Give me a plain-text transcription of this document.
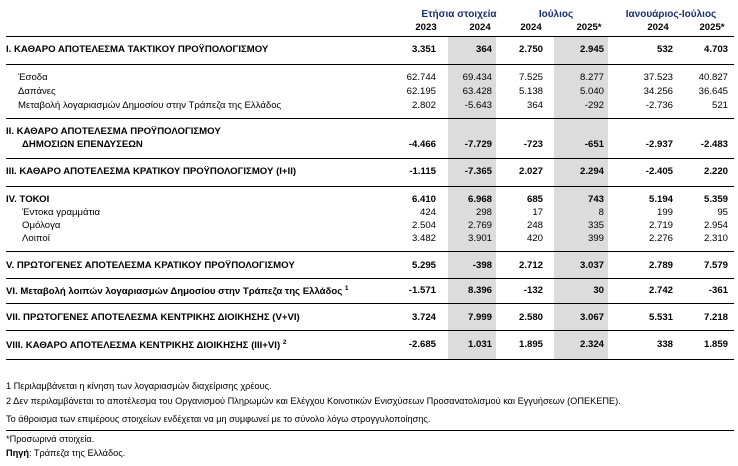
Ετήσια στοιχεία	Ιούλιος	Ιανουάριος-Ιούλιος
2023	2024	2024	2025*	2024	2025*
I. ΚΑΘΑΡΟ ΑΠΟΤΕΛΕΣΜΑ ΤΑΚΤΙΚΟΥ ΠΡΟΫΠΟΛΟΓΙΣΜΟΥ	3.351	364	2.750	2.945	532	4.703
Έσοδα	62.744	69.434	7.525	8.277	37.523	40.827
Δαπάνες	62.195	63.428	5.138	5.040	34.256	36.645
Μεταβολή λογαριασμών Δημοσίου στην Τράπεζα της Ελλάδος	2.802	-5.643	364	-292	-2.736	521
II. ΚΑΘΑΡΟ ΑΠΟΤΕΛΕΣΜΑ ΠΡΟΫΠΟΛΟΓΙΣΜΟΥ
ΔΗΜΟΣΙΩΝ ΕΠΕΝΔΥΣΕΩΝ	-4.466	-7.729	-723	-651	-2.937	-2.483
III. ΚΑΘΑΡΟ ΑΠΟΤΕΛΕΣΜΑ ΚΡΑΤΙΚΟΥ ΠΡΟΫΠΟΛΟΓΙΣΜΟΥ (I+II)	-1.115	-7.365	2.027	2.294	-2.405	2.220
IV. ΤΟΚΟΙ	6.410	6.968	685	743	5.194	5.359
Έντοκα γραμμάτια	424	298	17	8	199	95
Ομόλογα	2.504	2.769	248	335	2.719	2.954
Λοιποί	3.482	3.901	420	399	2.276	2.310
V. ΠΡΩΤΟΓΕΝΕΣ ΑΠΟΤΕΛΕΣΜΑ ΚΡΑΤΙΚΟΥ ΠΡΟΫΠΟΛΟΓΙΣΜΟΥ	5.295	-398	2.712	3.037	2.789	7.579
VI. Μεταβολή λοιπών λογαριασμών Δημοσίου στην Τράπεζα της Ελλάδος $^1$	-1.571	8.396	-132	30	2.742	-361
VII. ΠΡΩΤΟΓΕΝΕΣ ΑΠΟΤΕΛΕΣΜΑ ΚΕΝΤΡΙΚΗΣ ΔΙΟΙΚΗΣΗΣ (V+VI)	3.724	7.999	2.580	3.067	5.531	7.218
VIII. ΚΑΘΑΡΟ ΑΠΟΤΕΛΕΣΜΑ ΚΕΝΤΡΙΚΗΣ ΔΙΟΙΚΗΣΗΣ (III+VI) $^2$	-2.685	1.031	1.895	2.324	338	1.859
1 Περιλαμβάνεται η κίνηση των λογαριασμών διαχείρισης χρέους.
2 Δεν περιλαμβάνεται το αποτέλεσμα του Οργανισμού Πληρωμών και Ελέγχου Κοινοτικών Ενισχύσεων Προσανατολισμού και Εγγυήσεων (ΟΠΕΚΕΠΕ).
Το άθροισμα των επιμέρους στοιχείων ενδέχεται να μη συμφωνεί με το σύνολο λόγω στρογγυλοποίησης.
*Προσωρινά στοιχεία.
Πηγή: Τράπεζα της Ελλάδος.
